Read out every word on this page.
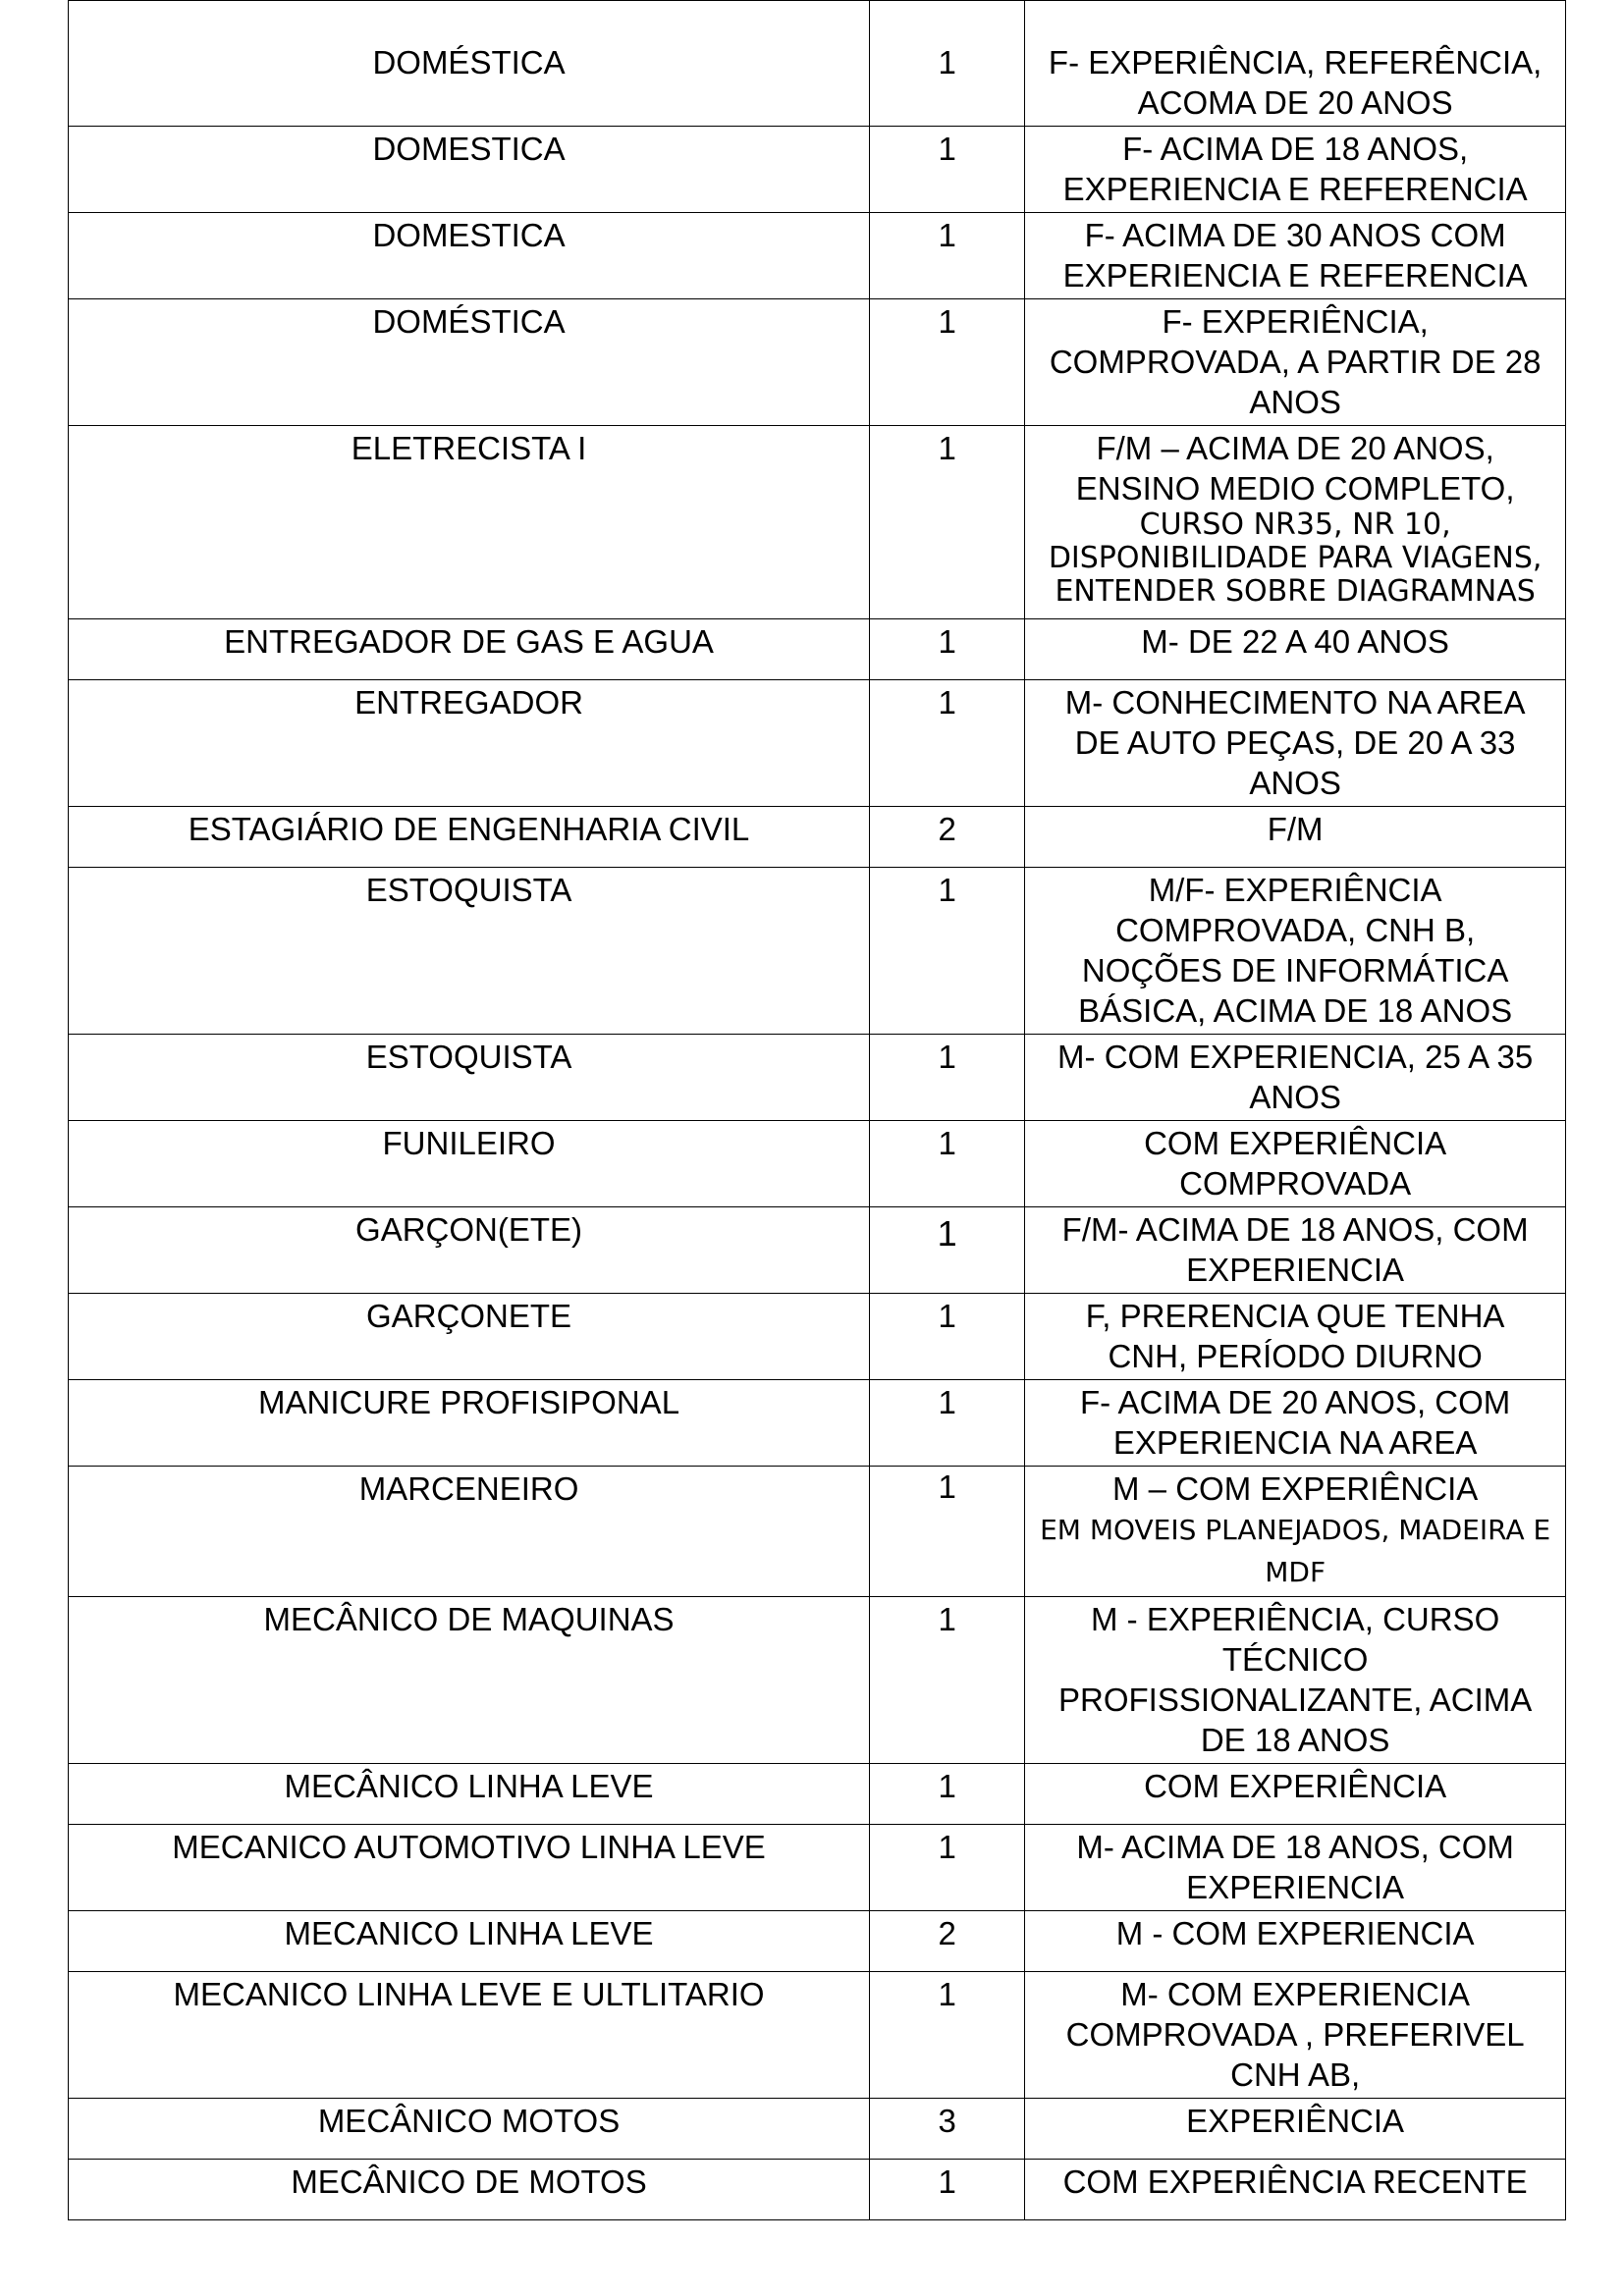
DOMÉSTICA	1	F- EXPERIÊNCIA, REFERÊNCIA,
ACOMA DE 20 ANOS

DOMESTICA	1	F- ACIMA DE 18 ANOS,
EXPERIENCIA E REFERENCIA

DOMESTICA	1	F- ACIMA DE 30 ANOS COM
EXPERIENCIA E REFERENCIA

DOMÉSTICA	1	F- EXPERIÊNCIA,
COMPROVADA, A PARTIR DE 28
ANOS

ELETRECISTA I	1	F/M – ACIMA DE 20 ANOS,
ENSINO MEDIO COMPLETO,
CURSO NR35, NR 10,
DISPONIBILIDADE PARA VIAGENS,
ENTENDER SOBRE DIAGRAMNAS

ENTREGADOR DE GAS E AGUA	1	M- DE 22 A 40 ANOS

ENTREGADOR	1	M- CONHECIMENTO NA AREA
DE AUTO PEÇAS, DE 20 A 33
ANOS

ESTAGIÁRIO DE ENGENHARIA CIVIL	2	F/M

ESTOQUISTA	1	M/F- EXPERIÊNCIA
COMPROVADA, CNH B,
NOÇÕES DE INFORMÁTICA
BÁSICA, ACIMA DE 18 ANOS

ESTOQUISTA	1	M- COM EXPERIENCIA, 25 A 35
ANOS

FUNILEIRO	1	COM EXPERIÊNCIA
COMPROVADA

GARÇON(ETE)	1	F/M- ACIMA DE 18 ANOS, COM
EXPERIENCIA

GARÇONETE	1	F, PRERENCIA QUE TENHA
CNH, PERÍODO DIURNO

MANICURE PROFISIPONAL	1	F- ACIMA DE 20 ANOS, COM
EXPERIENCIA NA AREA

MARCENEIRO	1	M – COM EXPERIÊNCIA
EM MOVEIS PLANEJADOS, MADEIRA E
MDF

MECÂNICO DE MAQUINAS	1	M - EXPERIÊNCIA, CURSO
TÉCNICO
PROFISSIONALIZANTE, ACIMA
DE 18 ANOS

MECÂNICO LINHA LEVE	1	COM EXPERIÊNCIA

MECANICO AUTOMOTIVO LINHA LEVE	1	M- ACIMA DE 18 ANOS, COM
EXPERIENCIA

MECANICO LINHA LEVE	2	M - COM EXPERIENCIA

MECANICO LINHA LEVE E ULTLITARIO	1	M- COM EXPERIENCIA
COMPROVADA , PREFERIVEL
CNH AB,

MECÂNICO MOTOS	3	EXPERIÊNCIA

MECÂNICO DE MOTOS	1	COM EXPERIÊNCIA RECENTE
